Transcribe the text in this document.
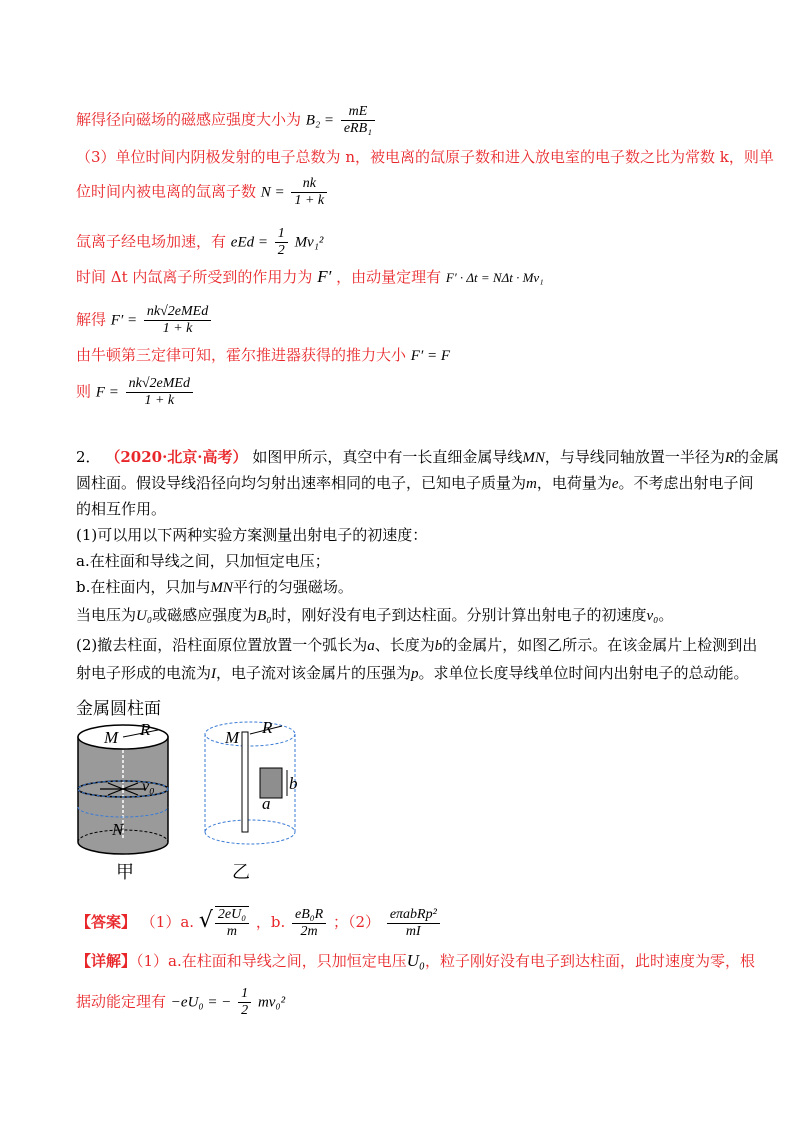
解得径向磁场的磁感应强度大小为 $B_2 = \frac{mE}{\text{eRB₁}}$
（3）单位时间内阴极发射的电子总数为 n，被电离的氙原子数和进入放电室的电子数之比为常数 k，则单
位时间内被电离的氙离子数 $N = \frac{nk}{1 + k}$
氙离子经电场加速，有 eEd = $\frac{1}{2} Mv_1^2$
时间 Δt 内氙离子所受到的作用力为 F′ ，由动量定理有 F′ · Δt = NΔt · Mv₁
解得 $F' = \frac{\text{nk√2eMEd}}{1 + k}$
由牛顿第三定律可知，霍尔推进器获得的推力大小 F′ = F
则 $F = \frac{\text{nk√2eMEd}}{1 + k}$
2． （2020·北京·高考） 如图甲所示，真空中有一长直细金属导线MN，与导线同轴放置一半径为R的金属
圆柱面。假设导线沿径向均匀射出速率相同的电子，已知电子质量为m，电荷量为e。不考虑出射电子间
的相互作用。
(1)可以用以下两种实验方案测量出射电子的初速度：
a.在柱面和导线之间，只加恒定电压；
b.在柱面内，只加与MN平行的匀强磁场。
当电压为U₀或磁感应强度为B₀时，刚好没有电子到达柱面。分别计算出射电子的初速度v₀。
(2)撤去柱面，沿柱面原位置放置一个弧长为a、长度为b的金属片，如图乙所示。在该金属片上检测到出
射电子形成的电流为I，电子流对该金属片的压强为p。求单位长度导线单位时间内出射电子的总动能。
金属圆柱面
M R
v₀
N
甲
M
R
b
a
乙
【答案】 （1）a. √ $\frac{\text{2eU₀}}{m}$ ，b. $\frac{\text{eB₀R}}{2m}$ ；$(2) \frac{\text{eπabRp²}}{mI}$
【详解】（1）a.在柱面和导线之间，只加恒定电压U₀，粒子刚好没有电子到达柱面，此时速度为零，根
据动能定理有 −eU₀ = − $\frac{1}{2} mv_0^2$
